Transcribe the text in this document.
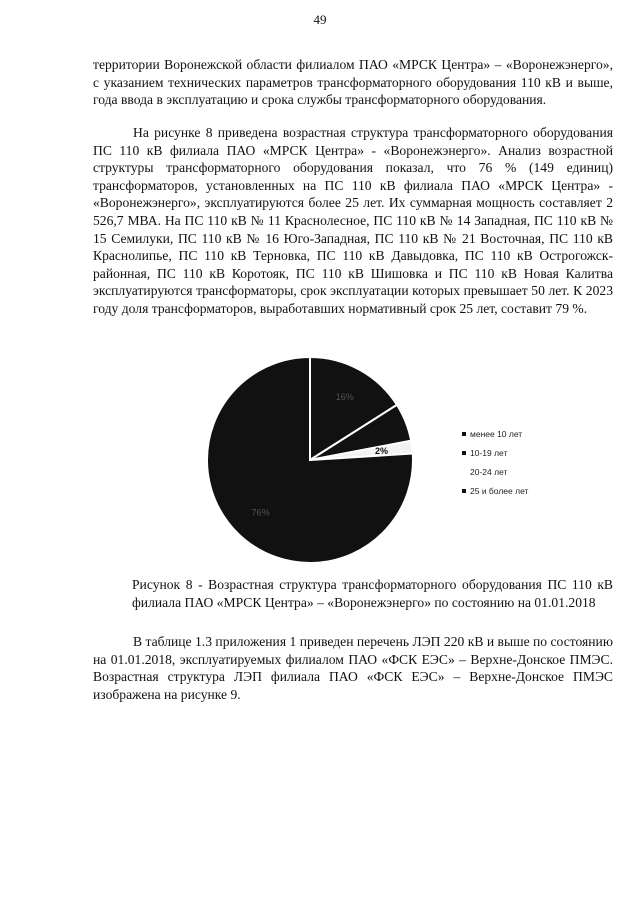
49

территории Воронежской области филиалом ПАО «МРСК Центра» – «Воронежэнерго», с указанием технических параметров трансформаторного оборудования 110 кВ и выше, года ввода в эксплуатацию и срока службы трансформаторного оборудования.

На рисунке 8 приведена возрастная структура трансформаторного оборудования ПС 110 кВ филиала ПАО «МРСК Центра» - «Воронежэнерго». Анализ возрастной структуры трансформаторного оборудования показал, что 76 % (149 единиц) трансформаторов, установленных на ПС 110 кВ филиала ПАО «МРСК Центра» - «Воронежэнерго», эксплуатируются более 25 лет. Их суммарная мощность составляет 2 526,7 МВА. На ПС 110 кВ № 11 Краснолесное, ПС 110 кВ № 14 Западная, ПС 110 кВ № 15 Семилуки, ПС 110 кВ № 16 Юго-Западная, ПС 110 кВ № 21 Восточная, ПС 110 кВ Краснолипье, ПС 110 кВ Терновка, ПС 110 кВ Давыдовка, ПС 110 кВ Острогожск-районная, ПС 110 кВ Коротояк, ПС 110 кВ Шишовка и ПС 110 кВ Новая Калитва эксплуатируются трансформаторы, срок эксплуатации которых превышает 50 лет. К 2023 году доля трансформаторов, выработавших нормативный срок 25 лет, составит 79 %.

16%
2%
76%
менее 10 лет
10-19 лет
20-24 лет
25 и более лет

Рисунок 8 - Возрастная структура трансформаторного оборудования ПС 110 кВ филиала ПАО «МРСК Центра» – «Воронежэнерго» по состоянию на 01.01.2018

В таблице 1.3 приложения 1 приведен перечень ЛЭП 220 кВ и выше по состоянию на 01.01.2018, эксплуатируемых филиалом ПАО «ФСК ЕЭС» – Верхне-Донское ПМЭС. Возрастная структура ЛЭП филиала ПАО «ФСК ЕЭС» – Верхне-Донское ПМЭС изображена на рисунке 9.
